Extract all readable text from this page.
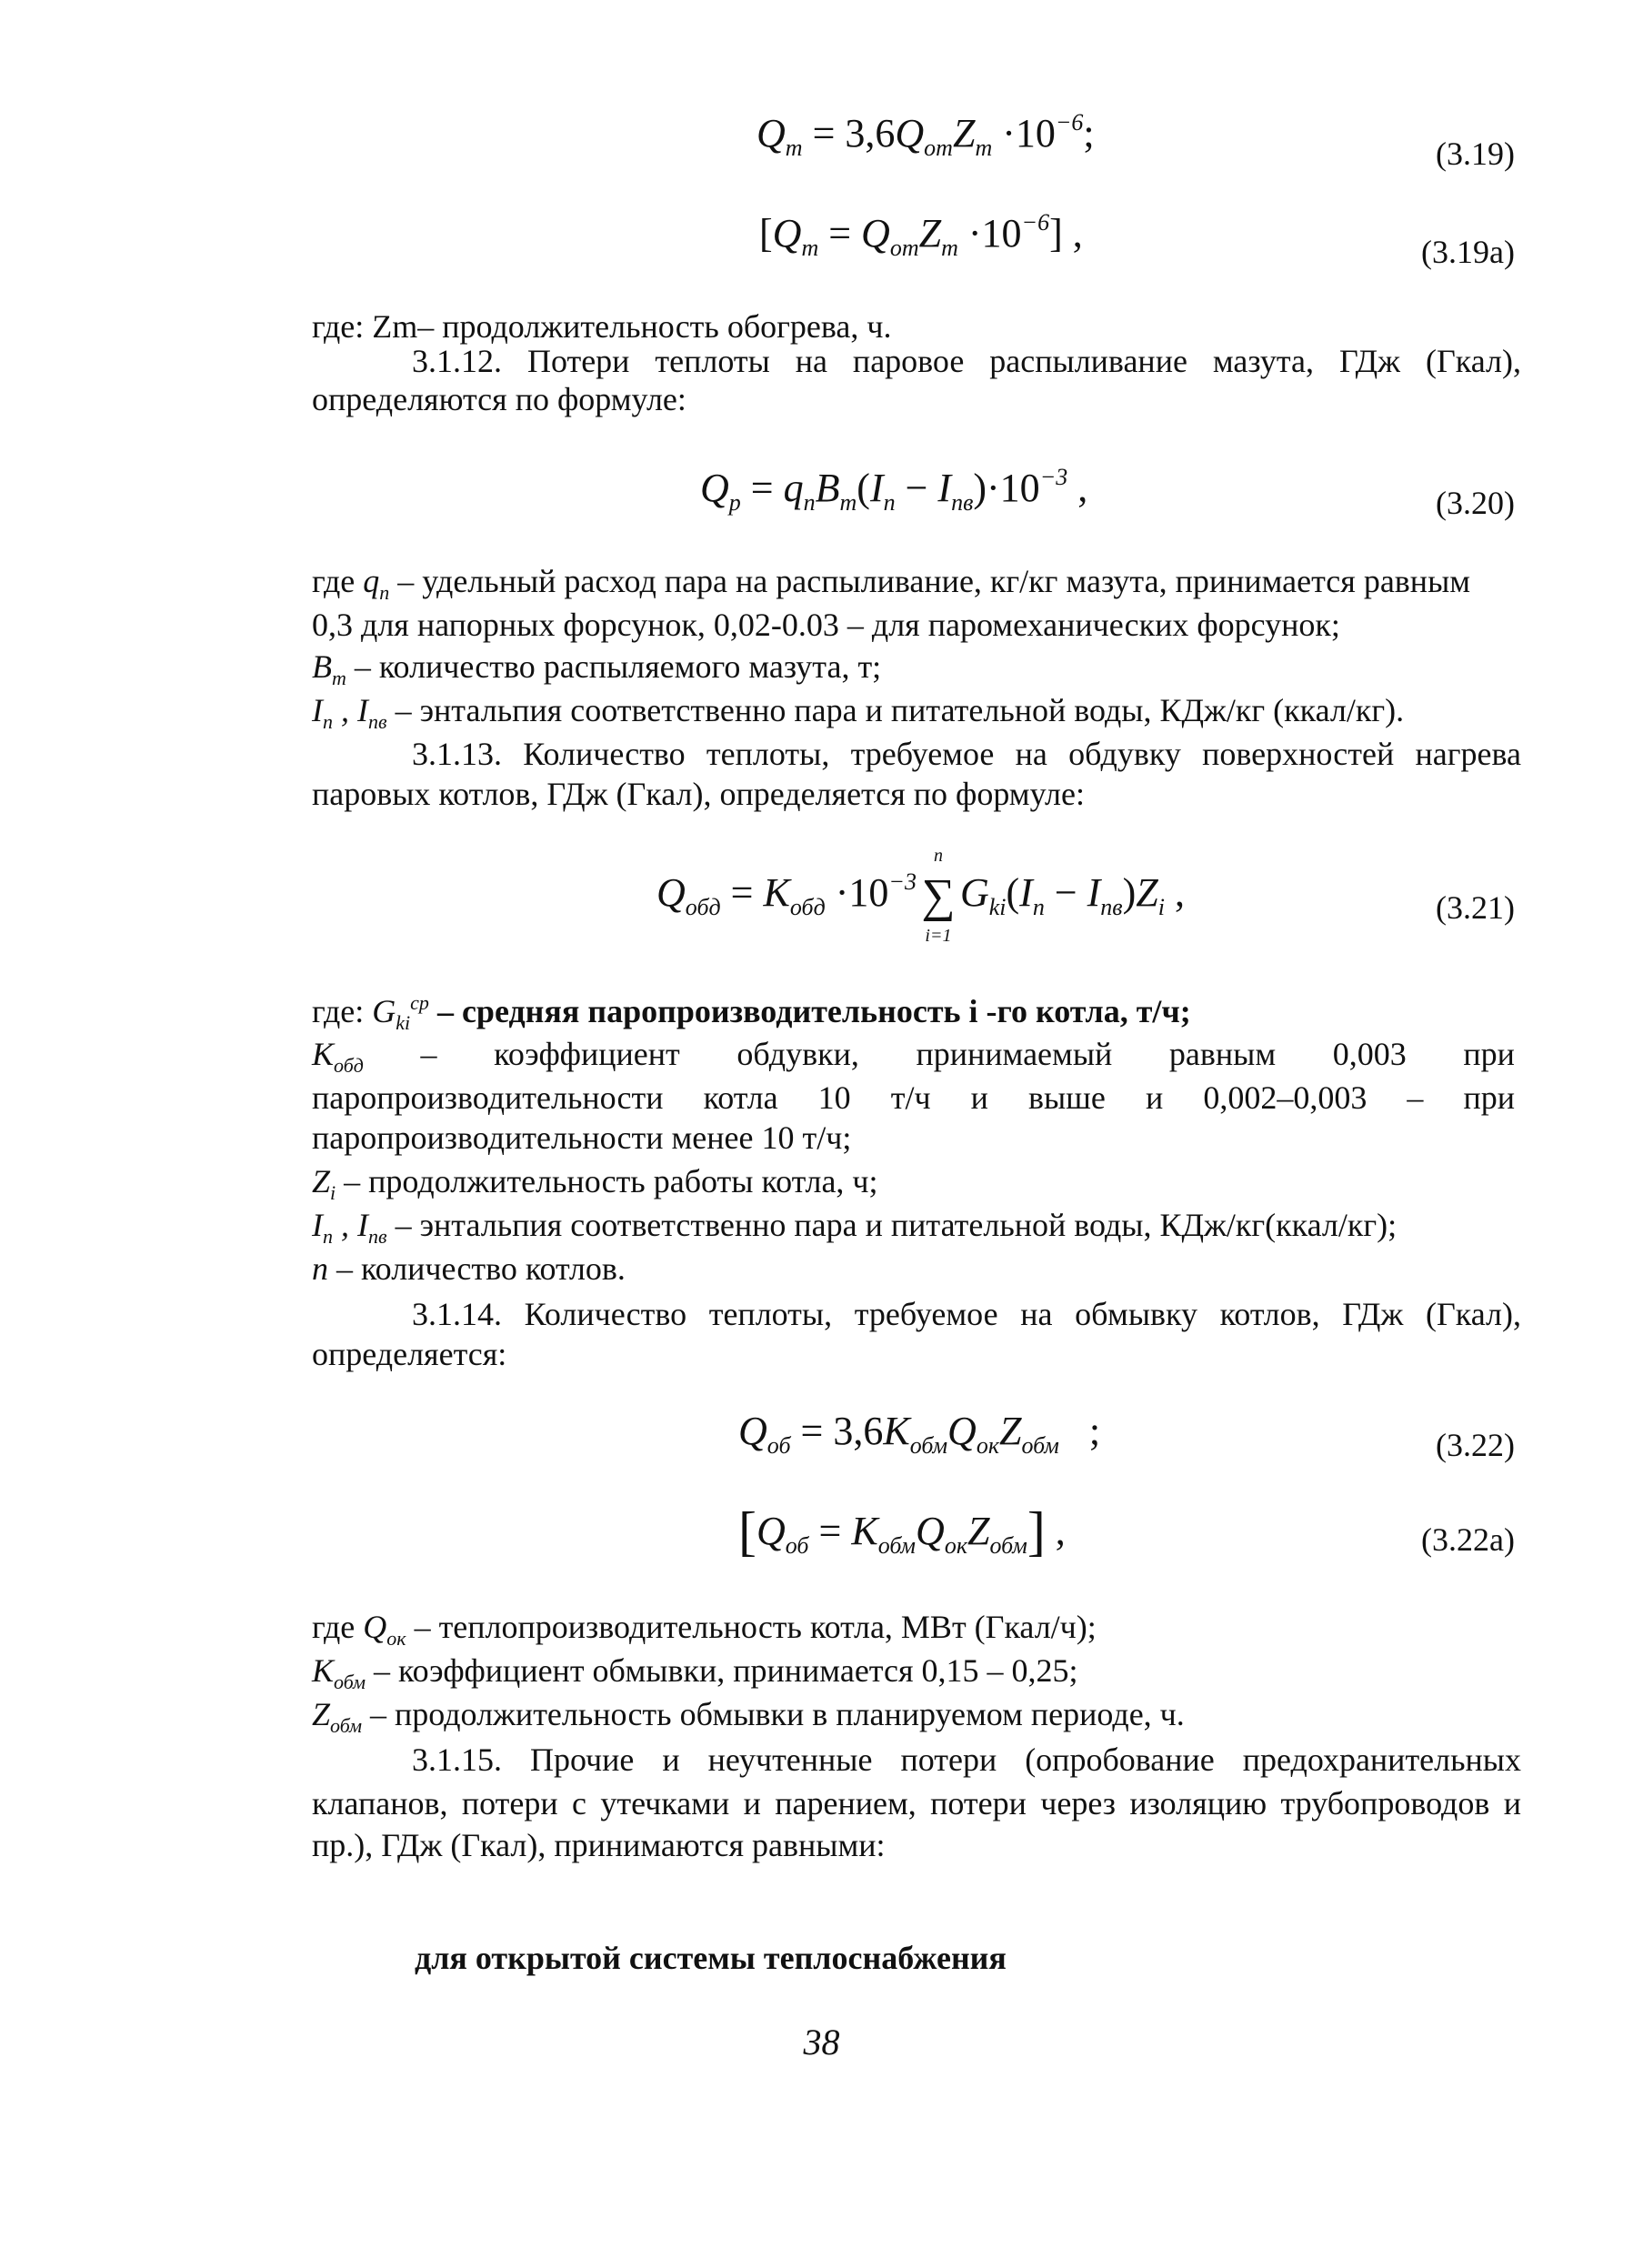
$Q_т = 3,6Q_{от}Z_т \cdot 10^{-6}$;	(3.19)
$[Q_т = Q_{от}Z_т \cdot 10^{-6}]$ ,	(3.19a)
где: Zm– продолжительность обогрева, ч.
3.1.12. Потери теплоты на паровое распыливание мазута, ГДж (Гкал),
определяются по формуле:
$Q_р = q_пB_т(I_п - I_{пв})\cdot 10^{-3}$ ,	(3.20)
где $q_п$ – удельный расход пара на распыливание, кг/кг мазута, принимается равным
0,3 для напорных форсунок, 0,02-0.03 – для паромеханических форсунок;
$B_т$ – количество распыляемого мазута, т;
$I_п$ , $I_{пв}$ – энтальпия соответственно пара и питательной воды, КДж/кг (ккал/кг).
3.1.13. Количество теплоты, требуемое на обдувку поверхностей нагрева
паровых котлов, ГДж (Гкал), определяется по формуле:
$Q_{обд} = K_{обд} \cdot 10^{-3}$
n
∑
i=1
$G_{ki}(I_п - I_{пв})Z_i$ ,	(3.21)
где: $G_{ki}^{ср}$ – средняя паропроизводительность i -го котла, т/ч;
$K_{обд}$ – коэффициент обдувки, принимаемый равным 0,003 при
паропроизводительности котла 10 т/ч и выше и 0,002–0,003 – при
паропроизводительности менее 10 т/ч;
$Z_i$ – продолжительность работы котла, ч;
$I_п$ , $I_{пв}$ – энтальпия соответственно пара и питательной воды, КДж/кг(ккал/кг);
n – количество котлов.
3.1.14. Количество теплоты, требуемое на обмывку котлов, ГДж (Гкал),
определяется:
$Q_{об} = 3,6K_{обм}Q_{ок}Z_{обм}$   ;	(3.22)
$[Q_{об} = K_{обм}Q_{ок}Z_{обм}]$ ,	(3.22a)
где $Q_{ок}$ – теплопроизводительность котла, МВт (Гкал/ч);
$K_{обм}$ – коэффициент обмывки, принимается 0,15 – 0,25;
$Z_{обм}$ – продолжительность обмывки в планируемом периоде, ч.
3.1.15. Прочие и неучтенные потери (опробование предохранительных
клапанов, потери с утечками и парением, потери через изоляцию трубопроводов и
пр.), ГДж (Гкал), принимаются равными:
для открытой системы теплоснабжения
38
